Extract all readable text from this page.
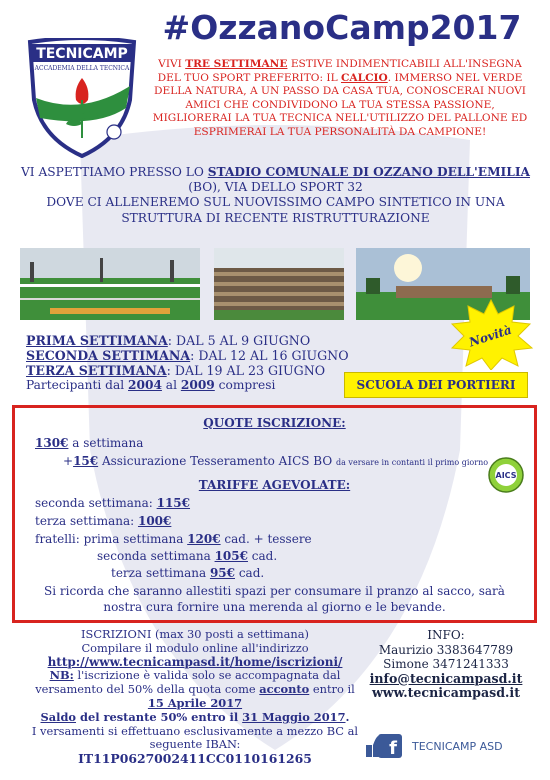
TECNICAMP
ACCADEMIA DELLA TECNICA
#OzzanoCamp2017
VIVI TRE SETTIMANE ESTIVE INDIMENTICABILI ALL'INSEGNA DEL TUO SPORT PREFERITO: IL CALCIO. IMMERSO NEL VERDE DELLA NATURA, A UN PASSO DA CASA TUA, CONOSCERAI NUOVI AMICI CHE CONDIVIDONO LA TUA STESSA PASSIONE, MIGLIORERAI LA TUA TECNICA NELL'UTILIZZO DEL PALLONE ED ESPRIMERAI LA TUA PERSONALITÀ DA CAMPIONE!
VI ASPETTIAMO PRESSO LO STADIO COMUNALE DI OZZANO DELL'EMILIA (BO), VIA DELLO SPORT 32
DOVE CI ALLENEREMO SUL NUOVISSIMO CAMPO SINTETICO IN UNA STRUTTURA DI RECENTE RISTRUTTURAZIONE
PRIMA SETTIMANA: DAL 5 AL 9 GIUGNO
SECONDA SETTIMANA: DAL 12 AL 16 GIUGNO
TERZA SETTIMANA: DAL 19 AL 23 GIUGNO
Partecipanti dal 2004 al 2009 compresi
Novità
SCUOLA DEI PORTIERI
QUOTE ISCRIZIONE:
130€ a settimana
+15€ Assicurazione Tesseramento AICS BO da versare in contanti il primo giorno
TARIFFE AGEVOLATE:
seconda settimana: 115€
terza settimana: 100€
fratelli: prima settimana 120€ cad. + tessere
seconda settimana 105€ cad.
terza settimana 95€ cad.
Si ricorda che saranno allestiti spazi per consumare il pranzo al sacco, sarà
nostra cura fornire una merenda al giorno e le bevande.
AICS
ISCRIZIONI (max 30 posti a settimana)
Compilare il modulo online all'indirizzo
http://www.tecnicampasd.it/home/iscrizioni/
NB: l'iscrizione è valida solo se accompagnata dal
versamento del 50% della quota come acconto entro il
15 Aprile 2017
Saldo del restante 50% entro il 31 Maggio 2017.
I versamenti si effettuano esclusivamente a mezzo BC al
seguente IBAN:
IT11P0627002411CC0110161265
INFO:
Maurizio 3383647789
Simone 3471241333
info@tecnicampasd.it
www.tecnicampasd.it
f TECNICAMP ASD
